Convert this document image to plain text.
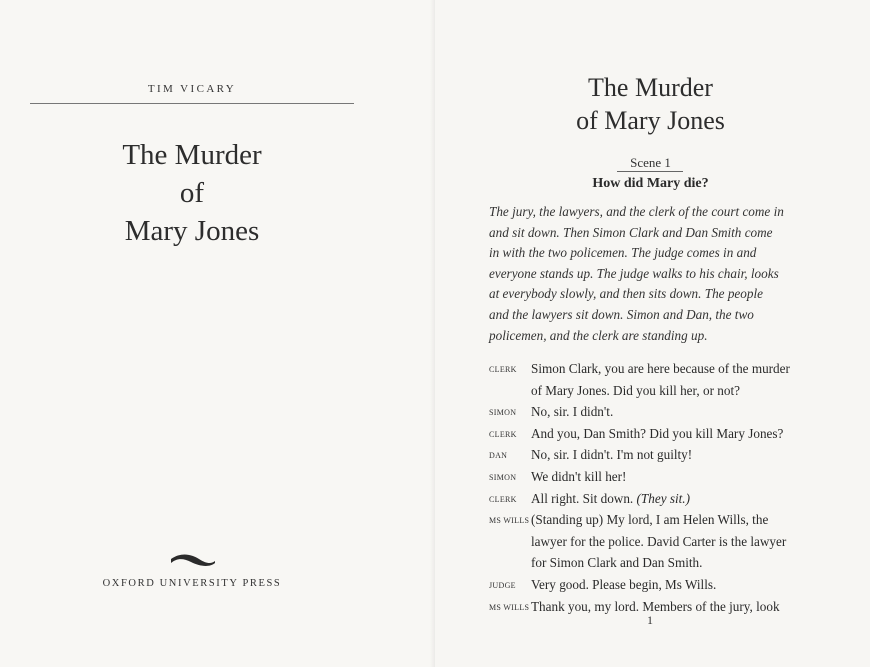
TIM VICARY
The Murder
of
Mary Jones
OXFORD UNIVERSITY PRESS
The Murder
of Mary Jones
Scene 1
How did Mary die?
The jury, the lawyers, and the clerk of the court come in
and sit down. Then Simon Clark and Dan Smith come
in with the two policemen. The judge comes in and
everyone stands up. The judge walks to his chair, looks
at everybody slowly, and then sits down. The people
and the lawyers sit down. Simon and Dan, the two
policemen, and the clerk are standing up.
CLERK	Simon Clark, you are here because of the murder
of Mary Jones. Did you kill her, or not?
SIMON	No, sir. I didn't.
CLERK	And you, Dan Smith? Did you kill Mary Jones?
DAN	No, sir. I didn't. I'm not guilty!
SIMON	We didn't kill her!
CLERK	All right. Sit down. (They sit.)
MS WILLS (Standing up) My lord, I am Helen Wills, the
lawyer for the police. David Carter is the lawyer
for Simon Clark and Dan Smith.
JUDGE	Very good. Please begin, Ms Wills.
MS WILLS Thank you, my lord. Members of the jury, look
1
